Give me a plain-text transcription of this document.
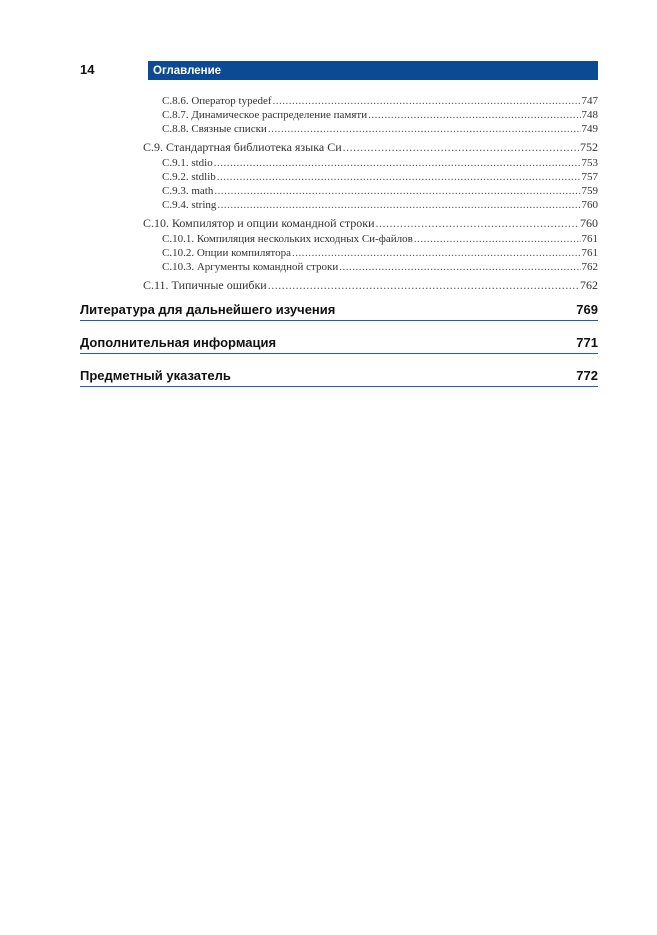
14	Оглавление
C.8.6. Оператор typedef .....	747
C.8.7. Динамическое распределение памяти .....	748
C.8.8. Связные списки .....	749
C.9. Стандартная библиотека языка Си .....	752
C.9.1. stdio .....	753
C.9.2. stdlib .....	757
C.9.3. math .....	759
C.9.4. string .....	760
C.10. Компилятор и опции командной строки .....	760
C.10.1. Компиляция нескольких исходных Си-файлов .....	761
C.10.2. Опции компилятора .....	761
C.10.3. Аргументы командной строки .....	762
C.11. Типичные ошибки .....	762
Литература для дальнейшего изучения	769
Дополнительная информация	771
Предметный указатель	772
